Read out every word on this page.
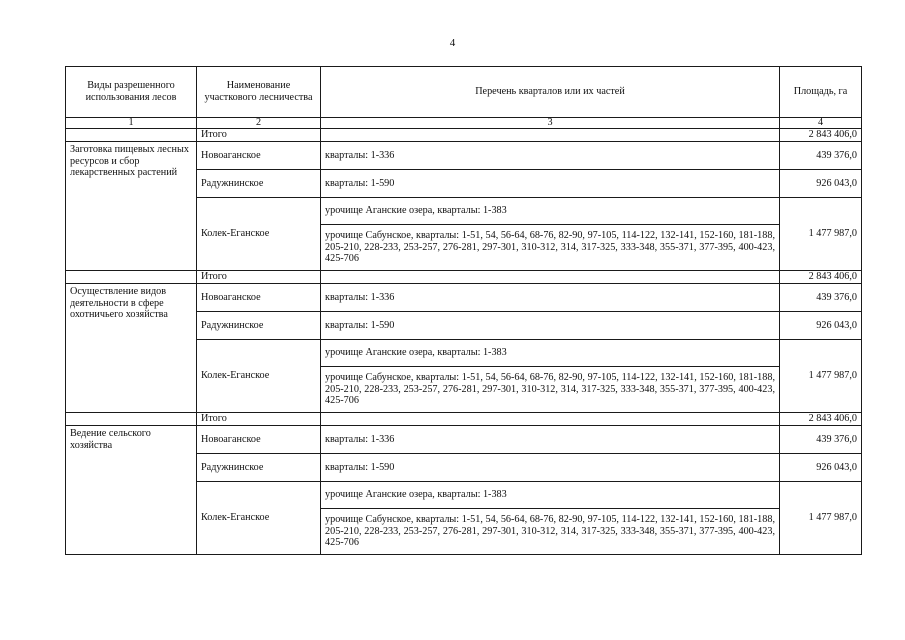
4
Виды разрешенного использования лесов	Наименование участкового лесничества	Перечень кварталов или их частей	Площадь, га
1	2	3	4
	Итого		2 843 406,0
Заготовка пищевых лесных ресурсов и сбор лекарственных растений	Новоаганское	кварталы: 1-336	439 376,0
	Радужнинское	кварталы: 1-590	926 043,0
	Колек-Еганское	урочище Аганские озера, кварталы: 1-383	1 477 987,0
		урочище Сабунское, кварталы: 1-51, 54, 56-64, 68-76, 82-90, 97-105, 114-122, 132-141, 152-160, 181-188, 205-210, 228-233, 253-257, 276-281, 297-301, 310-312, 314, 317-325, 333-348, 355-371, 377-395, 400-423, 425-706	
	Итого		2 843 406,0
Осуществление видов деятельности в сфере охотничьего хозяйства	Новоаганское	кварталы: 1-336	439 376,0
	Радужнинское	кварталы: 1-590	926 043,0
	Колек-Еганское	урочище Аганские озера, кварталы: 1-383	1 477 987,0
		урочище Сабунское, кварталы: 1-51, 54, 56-64, 68-76, 82-90, 97-105, 114-122, 132-141, 152-160, 181-188, 205-210, 228-233, 253-257, 276-281, 297-301, 310-312, 314, 317-325, 333-348, 355-371, 377-395, 400-423, 425-706	
	Итого		2 843 406,0
Ведение сельского хозяйства	Новоаганское	кварталы: 1-336	439 376,0
	Радужнинское	кварталы: 1-590	926 043,0
	Колек-Еганское	урочище Аганские озера, кварталы: 1-383	1 477 987,0
		урочище Сабунское, кварталы: 1-51, 54, 56-64, 68-76, 82-90, 97-105, 114-122, 132-141, 152-160, 181-188, 205-210, 228-233, 253-257, 276-281, 297-301, 310-312, 314, 317-325, 333-348, 355-371, 377-395, 400-423, 425-706	
